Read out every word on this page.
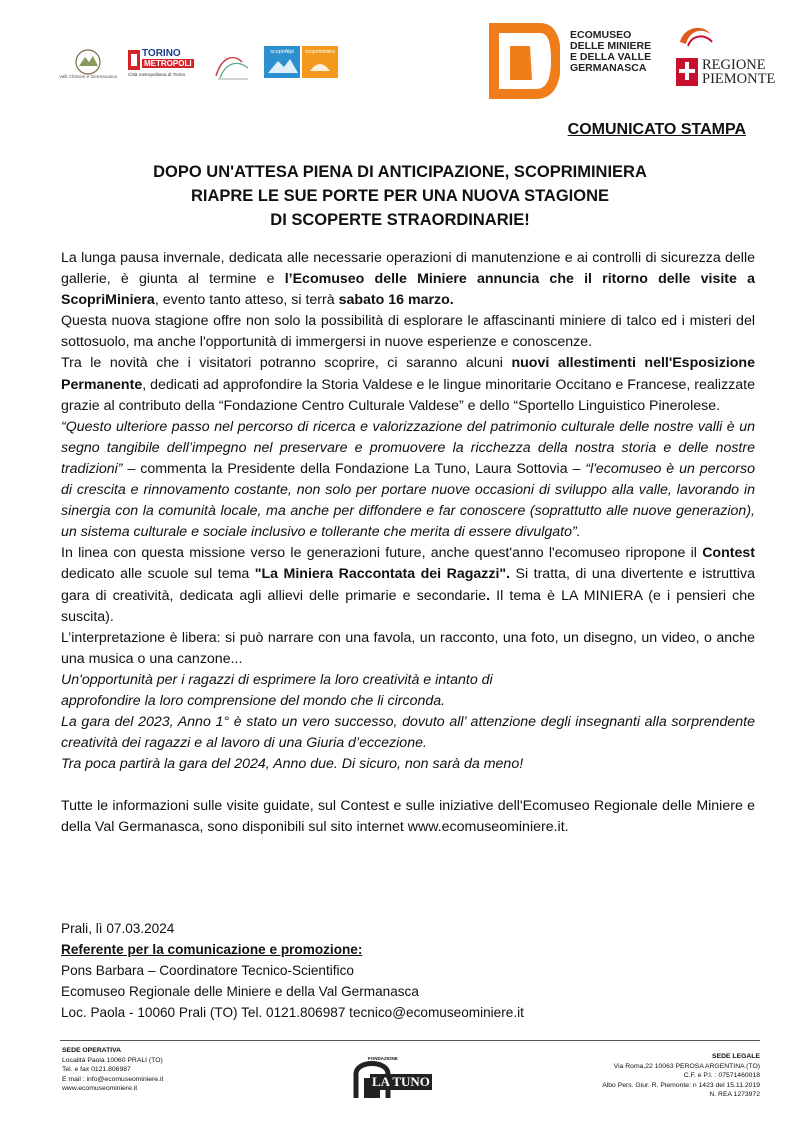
Valli Chisone e Germanasca
TORINO
METROPOLI
Città metropolitana di Torino
scopriAlpi	scopriminiera
ECOMUSEO
DELLE MINIERE
E DELLA VALLE
GERMANASCA	REGIONE
PIEMONTE
COMUNICATO STAMPA
DOPO UN'ATTESA PIENA DI ANTICIPAZIONE, SCOPRIMINIERA
RIAPRE LE SUE PORTE PER UNA NUOVA STAGIONE
DI SCOPERTE STRAORDINARIE!

La lunga pausa invernale, dedicata alle necessarie operazioni di manutenzione e ai controlli di sicurezza delle gallerie, è giunta al termine e l’Ecomuseo delle Miniere annuncia che il ritorno delle visite a ScopriMiniera, evento tanto atteso, si terrà sabato 16 marzo.

Questa nuova stagione offre non solo la possibilità di esplorare le affascinanti miniere di talco ed i misteri del sottosuolo, ma anche l'opportunità di immergersi in nuove esperienze e conoscenze.

Tra le novità che i visitatori potranno scoprire, ci saranno alcuni nuovi allestimenti nell'Esposizione Permanente, dedicati ad approfondire la Storia Valdese e le lingue minoritarie Occitano e Francese, realizzate grazie al contributo della “Fondazione Centro Culturale Valdese” e dello “Sportello Linguistico Pinerolese.

“Questo ulteriore passo nel percorso di ricerca e valorizzazione del patrimonio culturale delle nostre valli è un segno tangibile dell’impegno nel preservare e promuovere la ricchezza della nostra storia e delle nostre tradizioni” – commenta la Presidente della Fondazione La Tuno, Laura Sottovia – “l'ecomuseo è un percorso di crescita e rinnovamento costante, non solo per portare nuove occasioni di sviluppo alla valle, lavorando in sinergia con la comunità locale, ma anche per diffondere e far conoscere (soprattutto alle nuove generazion), un sistema culturale e sociale inclusivo e tollerante che merita di essere divulgato”.

In linea con questa missione verso le generazioni future, anche quest'anno l'ecomuseo ripropone il Contest dedicato alle scuole sul tema "La Miniera Raccontata dei Ragazzi". Si tratta, di una divertente e istruttiva gara di creatività, dedicata agli allievi delle primarie e secondarie. Il tema è LA MINIERA (e i pensieri che suscita).

L’interpretazione è libera: si può narrare con una favola, un racconto, una foto, un disegno, un video, o anche una musica o una canzone...

Un'opportunità per i ragazzi di esprimere la loro creatività e intanto di

approfondire la loro comprensione del mondo che li circonda.

La gara del 2023, Anno 1° è stato un vero successo, dovuto all’ attenzione degli insegnanti alla sorprendente creatività dei ragazzi e al lavoro di una Giuria d’eccezione.

Tra poca partirà la gara del 2024, Anno due. Di sicuro, non sarà da meno!

Tutte le informazioni sulle visite guidate, sul Contest e sulle iniziative dell'Ecomuseo Regionale delle Miniere e della Val Germanasca, sono disponibili sul sito internet www.ecomuseominiere.it.

Prali, lì 07.03.2024
Referente per la comunicazione e promozione:
Pons Barbara – Coordinatore Tecnico-Scientifico
Ecomuseo Regionale delle Miniere e della Val Germanasca
Loc. Paola - 10060 Prali (TO) Tel. 0121.806987 tecnico@ecomuseominiere.it
SEDE OPERATIVA
Località Paola 10060 PRALI (TO)
Tel. e fax 0121.806987
E mail : info@ecomuseominiere.it
www.ecomuseominiere.it
FONDAZIONE
LA TUNO
SEDE LEGALE
Via Roma,22 10063 PEROSA ARGENTINA (TO)
C.F. e P.I. : 07571460018
Albo Pers. Giur. R. Piemonte: n 1423 del 15.11.2019
N. REA 1273972
